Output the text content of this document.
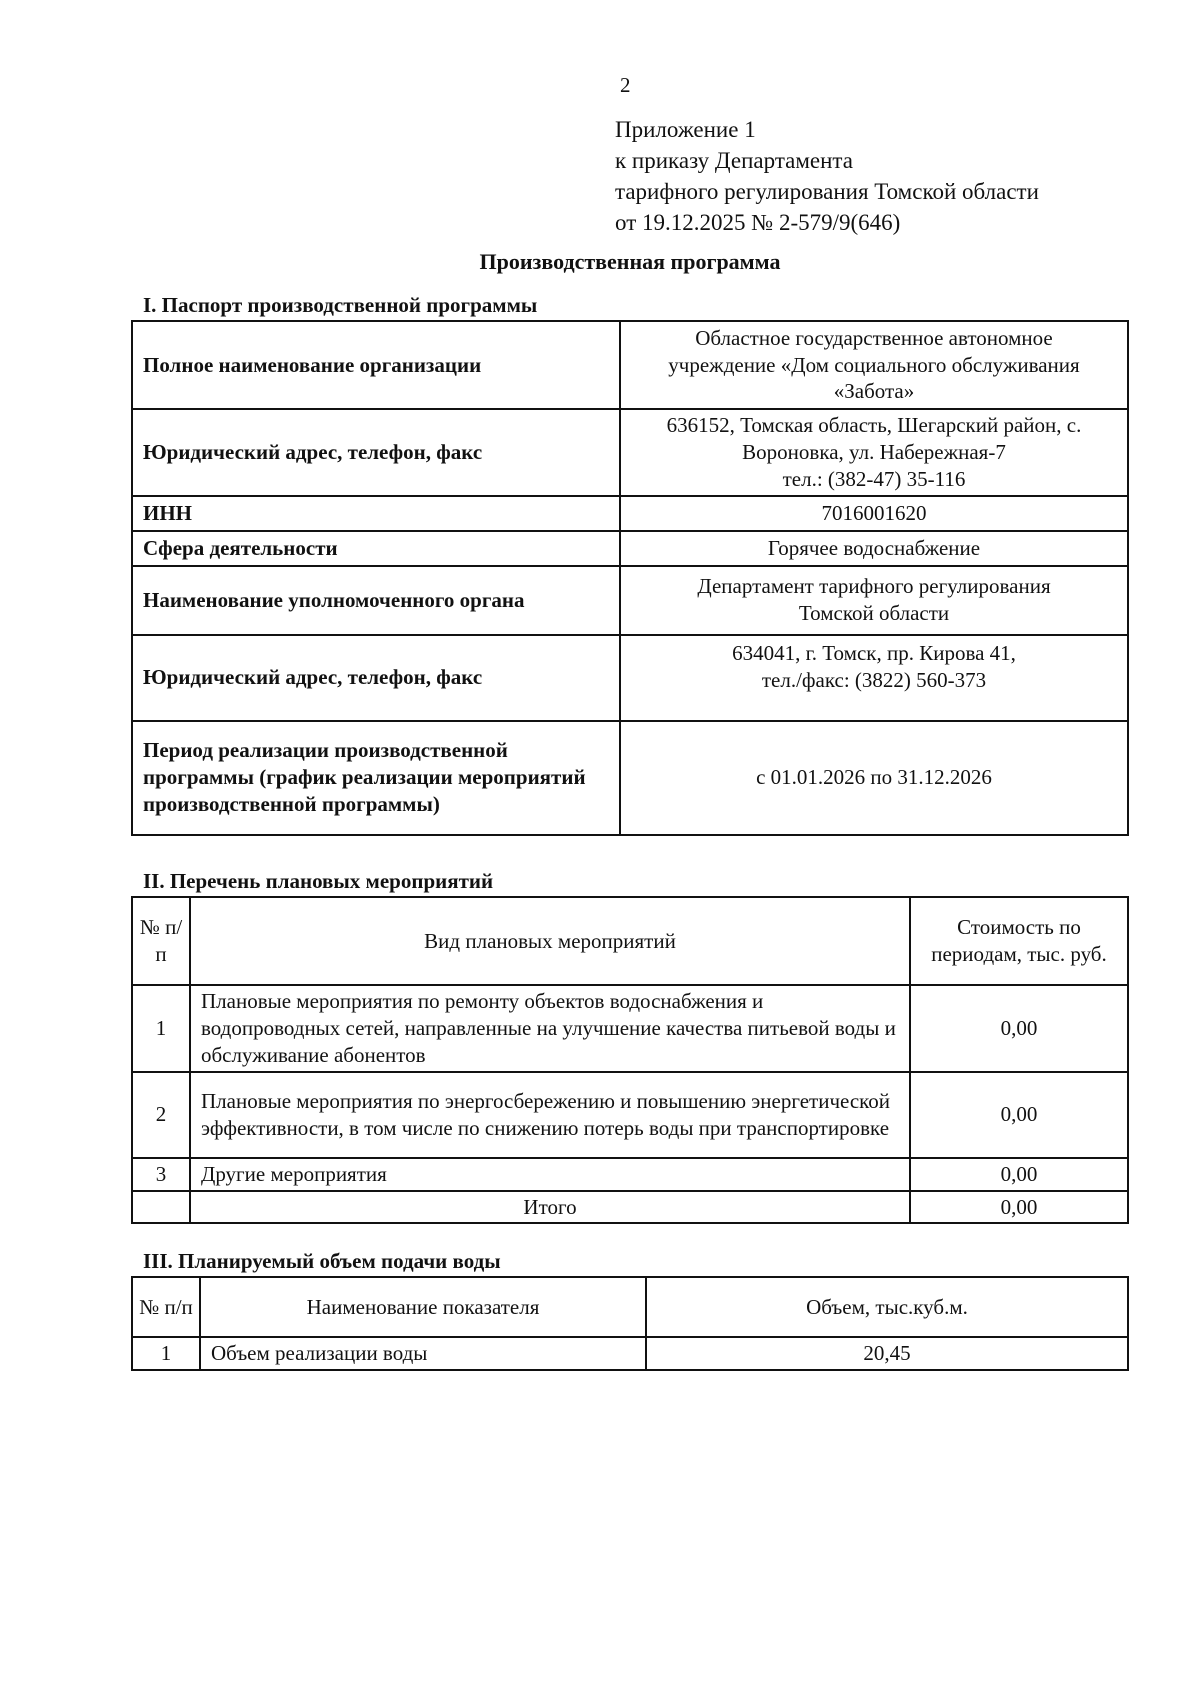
2
Приложение 1
к приказу Департамента
тарифного регулирования Томской области
от 19.12.2025 № 2-579/9(646)
Производственная программа
I. Паспорт производственной программы
Полное наименование организации	Областное государственное автономное
учреждение «Дом социального обслуживания
«Забота»

Юридический адрес, телефон, факс	636152, Томская область, Шегарский район, с.
Вороновка, ул. Набережная-7
тел.: (382-47) 35-116

ИНН	7016001620
Сфера деятельности	Горячее водоснабжение
Наименование уполномоченного органа	Департамент тарифного регулирования
Томской области

Юридический адрес, телефон, факс	634041, г. Томск, пр. Кирова 41,
тел./факс: (3822) 560-373

Период реализации производственной программы (график реализации мероприятий производственной программы)	с 01.01.2026 по 31.12.2026
II. Перечень плановых мероприятий
№ п/п	Вид плановых мероприятий	Стоимость по периодам, тыс. руб.
1	Плановые мероприятия по ремонту объектов водоснабжения и водопроводных сетей, направленные на улучшение качества питьевой воды и обслуживание абонентов	0,00
2	Плановые мероприятия по энергосбережению и повышению энергетической эффективности, в том числе по снижению потерь воды при транспортировке	0,00
3	Другие мероприятия	0,00
	Итого	0,00
III. Планируемый объем подачи воды
№ п/п	Наименование показателя	Объем, тыс.куб.м.
1	Объем реализации воды	20,45
